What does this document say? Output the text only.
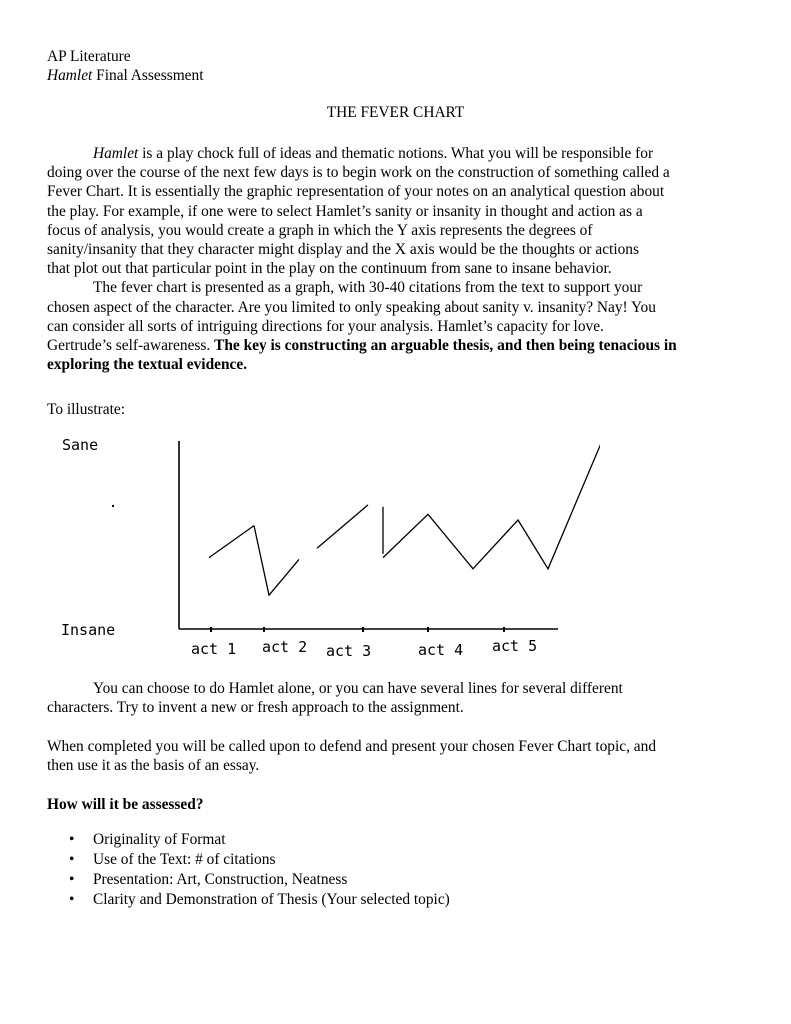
AP Literature
Hamlet Final Assessment
THE FEVER CHART
Hamlet is a play chock full of ideas and thematic notions. What you will be responsible for
doing over the course of the next few days is to begin work on the construction of something called a
Fever Chart. It is essentially the graphic representation of your notes on an analytical question about
the play. For example, if one were to select Hamlet’s sanity or insanity in thought and action as a
focus of analysis, you would create a graph in which the Y axis represents the degrees of
sanity/insanity that they character might display and the X axis would be the thoughts or actions
that plot out that particular point in the play on the continuum from sane to insane behavior.
The fever chart is presented as a graph, with 30-40 citations from the text to support your
chosen aspect of the character. Are you limited to only speaking about sanity v. insanity? Nay! You
can consider all sorts of intriguing directions for your analysis. Hamlet’s capacity for love.
Gertrude’s self-awareness. The key is constructing an arguable thesis, and then being tenacious in
exploring the textual evidence.
To illustrate:
Sane
Insane
act 1 act 2 act 3	act 4 act 5
You can choose to do Hamlet alone, or you can have several lines for several different
characters. Try to invent a new or fresh approach to the assignment.
When completed you will be called upon to defend and present your chosen Fever Chart topic, and
then use it as the basis of an essay.
How will it be assessed?
• Originality of Format
• Use of the Text: # of citations
• Presentation: Art, Construction, Neatness
• Clarity and Demonstration of Thesis (Your selected topic)
